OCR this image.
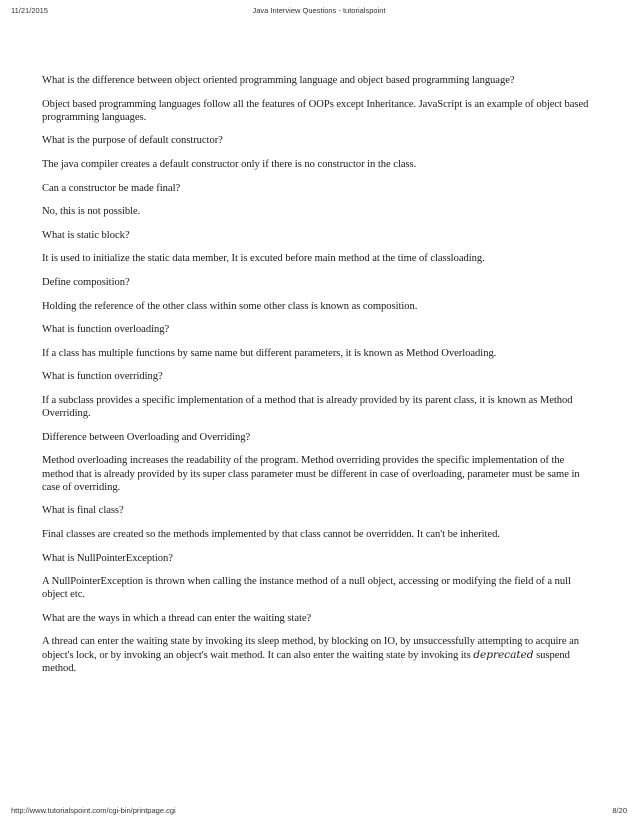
11/21/2015	Java Interview Questions - tutorialspoint

What is the difference between object oriented programming language and object based programming language?

Object based programming languages follow all the features of OOPs except Inheritance. JavaScript is an example of object based programming languages.

What is the purpose of default constructor?

The java compiler creates a default constructor only if there is no constructor in the class.

Can a constructor be made final?

No, this is not possible.

What is static block?

It is used to initialize the static data member, It is excuted before main method at the time of classloading.

Define composition?

Holding the reference of the other class within some other class is known as composition.

What is function overloading?

If a class has multiple functions by same name but different parameters, it is known as Method Overloading.

What is function overriding?

If a subclass provides a specific implementation of a method that is already provided by its parent class, it is known as Method Overriding.

Difference between Overloading and Overriding?

Method overloading increases the readability of the program. Method overriding provides the specific implementation of the method that is already provided by its super class parameter must be different in case of overloading, parameter must be same in case of overriding.

What is final class?

Final classes are created so the methods implemented by that class cannot be overridden. It can't be inherited.

What is NullPointerException?

A NullPointerException is thrown when calling the instance method of a null object, accessing or modifying the field of a null object etc.

What are the ways in which a thread can enter the waiting state?

A thread can enter the waiting state by invoking its sleep method, by blocking on IO, by unsuccessfully attempting to acquire an object's lock, or by invoking an object's wait method. It can also enter the waiting state by invoking its deprecated suspend method.

http://www.tutorialspoint.com/cgi-bin/printpage.cgi	8/20
